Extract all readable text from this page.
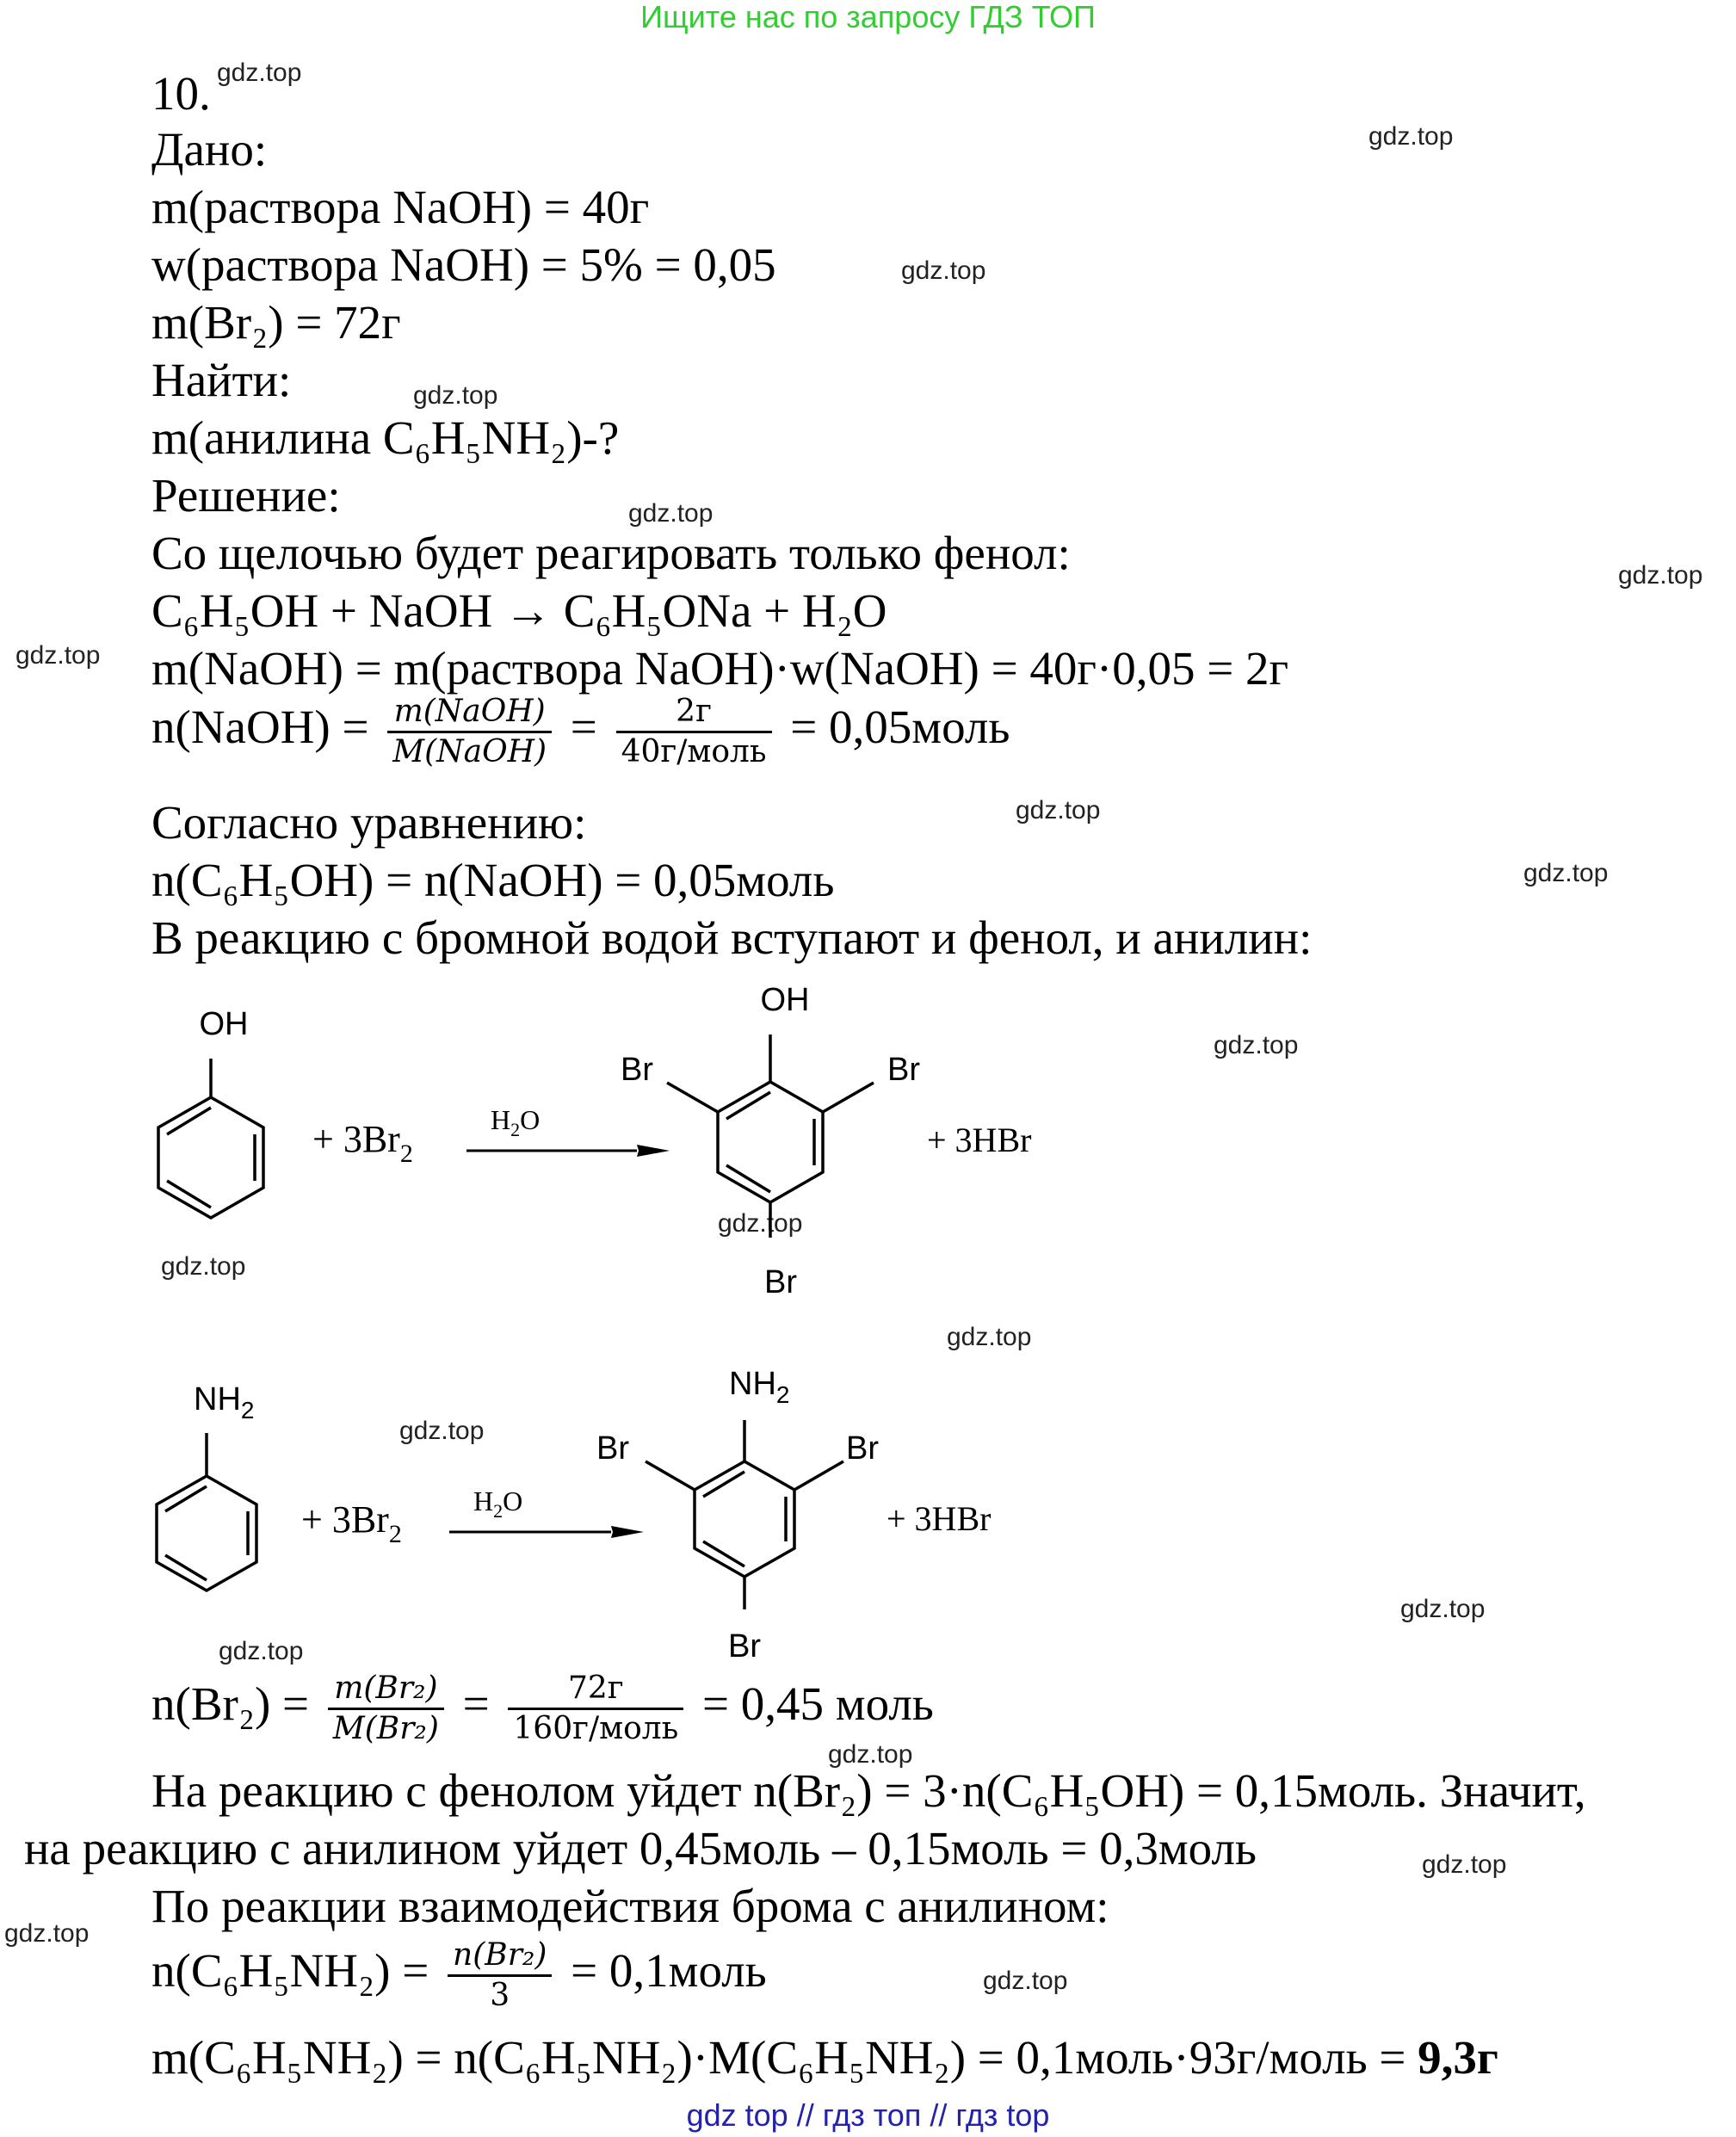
Ищите нас по запросу ГДЗ ТОП
gdz.top
gdz.top
gdz.top
gdz.top
gdz.top
gdz.top
gdz.top
gdz.top
gdz.top
gdz.top
gdz.top
gdz.top
gdz.top
gdz.top
gdz.top
gdz.top
gdz.top
gdz.top
gdz.top
gdz.top
10.
Дано:
m(раствора NaOH) = 40г
w(раствора NaOH) = 5% = 0,05
m(Br₂) = 72г
Найти:
m(анилина C₆H₅NH₂)-?
Решение:
Со щелочью будет реагировать только фенол:
C₆H₅OH + NaOH → C₆H₅ONa + H₂O
m(NaOH) = m(раствора NaOH)·w(NaOH) = 40г·0,05 = 2г
n(NaOH) = $\frac{\text{m(NaOH)}}{\text{M(NaOH)}} = \frac{2г}{\text{40г/моль}}$ = 0,05моль
Согласно уравнению:
n(C₆H₅OH) = n(NaOH) = 0,05моль
В реакцию с бромной водой вступают и фенол, и анилин:
OH
+ $3Br_2$
$H_2O$
OH
Br	Br
Br
+ 3HBr
$NH_2$
+ $3Br_2$
$H_2O$
$NH_2$
Br	Br
Br
+ 3HBr
$n(Br_2) = \frac{\text{m(Br₂)}}{\text{M(Br₂)}} = \frac{72г}{\text{160г/моль}} = 0,45$ моль
На реакцию с фенолом уйдет n(Br₂) = 3·n(C₆H₅OH) = 0,15моль. Значит,
на реакцию с анилином уйдет 0,45моль – 0,15моль = 0,3моль
По реакции взаимодействия брома с анилином:
$n(C_6H_5NH_2) = \frac{\text{n(Br₂)}}{3}$ = 0,1моль
m(C₆H₅NH₂) = n(C₆H₅NH₂)·M(C₆H₅NH₂) = 0,1моль·93г/моль = 9,3г
gdz top // гдз топ // гдз top
